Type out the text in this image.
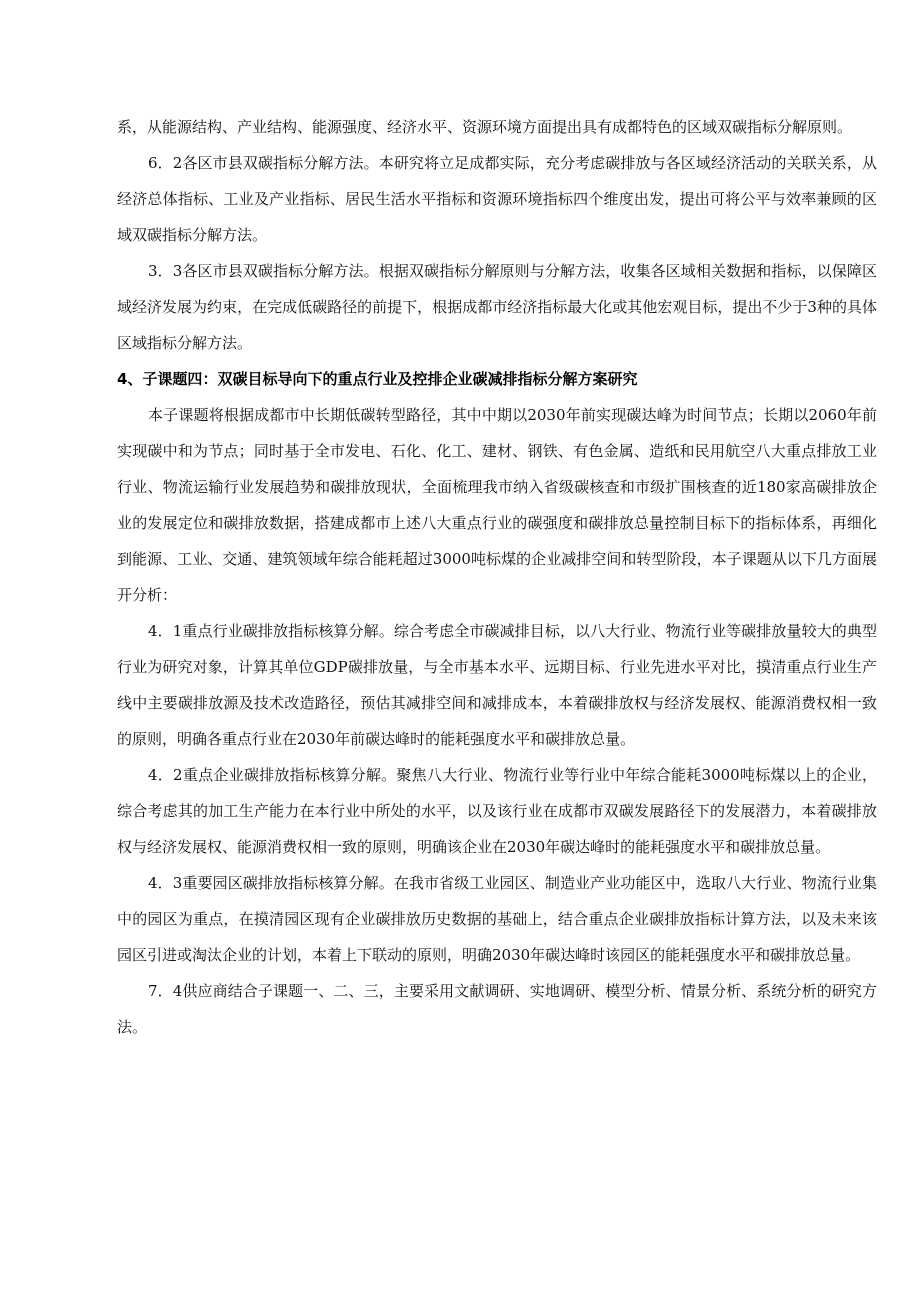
系，从能源结构、产业结构、能源强度、经济水平、资源环境方面提出具有成都特色的区域双碳指标分解原则。

6．2各区市县双碳指标分解方法。本研究将立足成都实际，充分考虑碳排放与各区域经济活动的关联关系，从经济总体指标、工业及产业指标、居民生活水平指标和资源环境指标四个维度出发，提出可将公平与效率兼顾的区域双碳指标分解方法。

3．3各区市县双碳指标分解方法。根据双碳指标分解原则与分解方法，收集各区域相关数据和指标，以保障区域经济发展为约束，在完成低碳路径的前提下，根据成都市经济指标最大化或其他宏观目标，提出不少于3种的具体区域指标分解方法。

4、子课题四：双碳目标导向下的重点行业及控排企业碳减排指标分解方案研究

本子课题将根据成都市中长期低碳转型路径，其中中期以2030年前实现碳达峰为时间节点；长期以2060年前实现碳中和为节点；同时基于全市发电、石化、化工、建材、钢铁、有色金属、造纸和民用航空八大重点排放工业行业、物流运输行业发展趋势和碳排放现状，全面梳理我市纳入省级碳核查和市级扩围核查的近180家高碳排放企业的发展定位和碳排放数据，搭建成都市上述八大重点行业的碳强度和碳排放总量控制目标下的指标体系，再细化到能源、工业、交通、建筑领域年综合能耗超过3000吨标煤的企业减排空间和转型阶段，本子课题从以下几方面展开分析：

4．1重点行业碳排放指标核算分解。综合考虑全市碳减排目标，以八大行业、物流行业等碳排放量较大的典型行业为研究对象，计算其单位GDP碳排放量，与全市基本水平、远期目标、行业先进水平对比，摸清重点行业生产线中主要碳排放源及技术改造路径，预估其减排空间和减排成本，本着碳排放权与经济发展权、能源消费权相一致的原则，明确各重点行业在2030年前碳达峰时的能耗强度水平和碳排放总量。

4．2重点企业碳排放指标核算分解。聚焦八大行业、物流行业等行业中年综合能耗3000吨标煤以上的企业，综合考虑其的加工生产能力在本行业中所处的水平，以及该行业在成都市双碳发展路径下的发展潜力，本着碳排放权与经济发展权、能源消费权相一致的原则，明确该企业在2030年碳达峰时的能耗强度水平和碳排放总量。

4．3重要园区碳排放指标核算分解。在我市省级工业园区、制造业产业功能区中，选取八大行业、物流行业集中的园区为重点，在摸清园区现有企业碳排放历史数据的基础上，结合重点企业碳排放指标计算方法，以及未来该园区引进或淘汰企业的计划，本着上下联动的原则，明确2030年碳达峰时该园区的能耗强度水平和碳排放总量。

7．4供应商结合子课题一、二、三，主要采用文献调研、实地调研、模型分析、情景分析、系统分析的研究方法。
